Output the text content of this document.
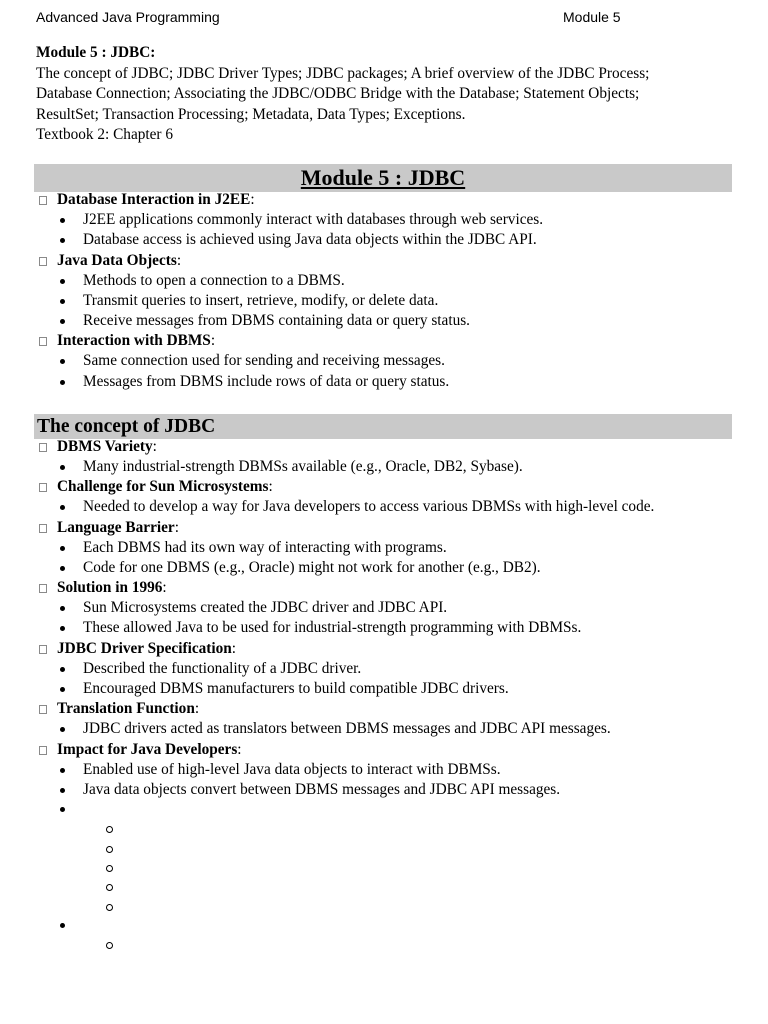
Advanced Java Programming	Module 5
Module 5 : JDBC:
The concept of JDBC; JDBC Driver Types; JDBC packages; A brief overview of the JDBC Process;
Database Connection; Associating the JDBC/ODBC Bridge with the Database; Statement Objects;
ResultSet; Transaction Processing; Metadata, Data Types; Exceptions.
Textbook 2: Chapter 6
Module 5 : JDBC
Database Interaction in J2EE:
J2EE applications commonly interact with databases through web services.
Database access is achieved using Java data objects within the JDBC API.
Java Data Objects:
Methods to open a connection to a DBMS.
Transmit queries to insert, retrieve, modify, or delete data.
Receive messages from DBMS containing data or query status.
Interaction with DBMS:
Same connection used for sending and receiving messages.
Messages from DBMS include rows of data or query status.
The concept of JDBC
DBMS Variety:
Many industrial-strength DBMSs available (e.g., Oracle, DB2, Sybase).
Challenge for Sun Microsystems:
Needed to develop a way for Java developers to access various DBMSs with high-level code.
Language Barrier:
Each DBMS had its own way of interacting with programs.
Code for one DBMS (e.g., Oracle) might not work for another (e.g., DB2).
Solution in 1996:
Sun Microsystems created the JDBC driver and JDBC API.
These allowed Java to be used for industrial-strength programming with DBMSs.
JDBC Driver Specification:
Described the functionality of a JDBC driver.
Encouraged DBMS manufacturers to build compatible JDBC drivers.
Translation Function:
JDBC drivers acted as translators between DBMS messages and JDBC API messages.
Impact for Java Developers:
Enabled use of high-level Java data objects to interact with DBMSs.
Java data objects convert between DBMS messages and JDBC API messages.
